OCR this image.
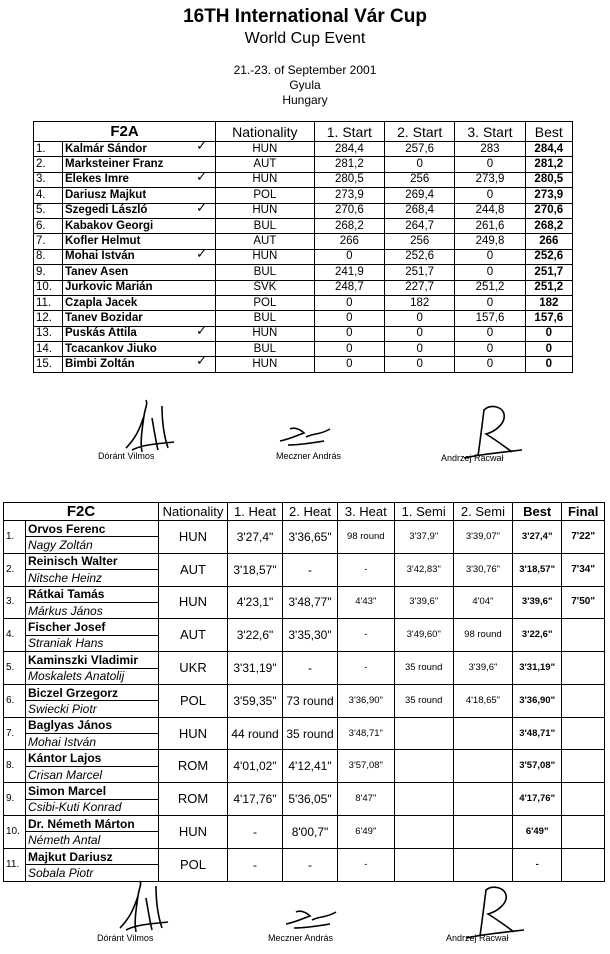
16TH International Vár Cup
World Cup Event
21.-23. of September 2001
Gyula
Hungary
F2A		Nationality	1. Start	2. Start	3. Start	Best
1.	Kalmár Sándor ✓	HUN	284,4	257,6	283	284,4
2.	Marksteiner Franz	AUT	281,2	0	0	281,2
3.	Elekes Imre ✓	HUN	280,5	256	273,9	280,5
4.	Dariusz Majkut	POL	273,9	269,4	0	273,9
5.	Szegedi László ✓	HUN	270,6	268,4	244,8	270,6
6.	Kabakov Georgi	BUL	268,2	264,7	261,6	268,2
7.	Kofler Helmut	AUT	266	256	249,8	266
8.	Mohai István ✓	HUN	0	252,6	0	252,6
9.	Tanev Asen	BUL	241,9	251,7	0	251,7
10.	Jurkovic Marián	SVK	248,7	227,7	251,2	251,2
11.	Czapla Jacek	POL	0	182	0	182
12.	Tanev Bozidar	BUL	0	0	157,6	157,6
13.	Puskás Attila ✓	HUN	0	0	0	0
14.	Tcacankov Jiuko	BUL	0	0	0	0
15.	Bimbi Zoltán ✓	HUN	0	0	0	0
Dóránt Vilmos	Meczner András	Andrzej Racwał
F2C		Nationality	1. Heat	2. Heat	3. Heat	1. Semi	2. Semi	Best	Final
1.	Orvos Ferenc	HUN	3'27,4"	3'36,65"	98 round	3'37,9"	3'39,07"	3'27,4"	7'22"
	Nagy Zoltán								
2.	Reinisch Walter	AUT	3'18,57"	-	-	3'42,83"	3'30,76"	3'18,57"	7'34"
	Nitsche Heinz								
3.	Rátkai Tamás	HUN	4'23,1"	3'48,77"	4'43"	3'39,6"	4'04"	3'39,6"	7'50"
	Márkus János								
4.	Fischer Josef	AUT	3'22,6"	3'35,30"	-	3'49,60"	98 round	3'22,6"	
	Straniak Hans								
5.	Kaminszki Vladimir	UKR	3'31,19"	-	-	35 round	3'39,6"	3'31,19"	
	Moskalets Anatolij								
6.	Biczel Grzegorz	POL	3'59,35"	73 round	3'36,90"	35 round	4'18,65"	3'36,90"	
	Swiecki Piotr								
7.	Baglyas János	HUN	44 round	35 round	3'48,71"			3'48,71"	
	Mohai István								
8.	Kántor Lajos	ROM	4'01,02"	4'12,41"	3'57,08"			3'57,08"	
	Crisan Marcel								
9.	Simon Marcel	ROM	4'17,76"	5'36,05"	8'47"			4'17,76"	
	Csibi-Kuti Konrad								
10.	Dr. Németh Márton	HUN	-	8'00,7"	6'49"			6'49"	
	Németh Antal								
11.	Majkut Dariusz	POL	-	-	-			-	
	Sobala Piotr								
Dóránt Vilmos	Meczner András	Andrzej Racwał
